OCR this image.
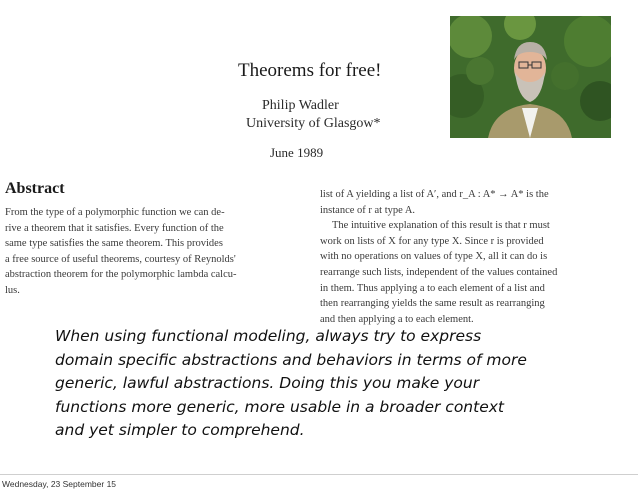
Theorems for free!
Philip Wadler
University of Glasgow*
June 1989
Abstract
From the type of a polymorphic function we can de-
rive a theorem that it satisfies. Every function of the
same type satisfies the same theorem. This provides
a free source of useful theorems, courtesy of Reynolds'
abstraction theorem for the polymorphic lambda calcu-
lus.
list of A yielding a list of A′, and r_A : A* → A* is the
instance of r at type A.
The intuitive explanation of this result is that r must
work on lists of X for any type X. Since r is provided
with no operations on values of type X, all it can do is
rearrange such lists, independent of the values contained
in them. Thus applying a to each element of a list and
then rearranging yields the same result as rearranging
and then applying a to each element.
When using functional modeling, always try to express
domain specific abstractions and behaviors in terms of more
generic, lawful abstractions. Doing this you make your
functions more generic, more usable in a broader context
and yet simpler to comprehend.
Wednesday, 23 September 15
